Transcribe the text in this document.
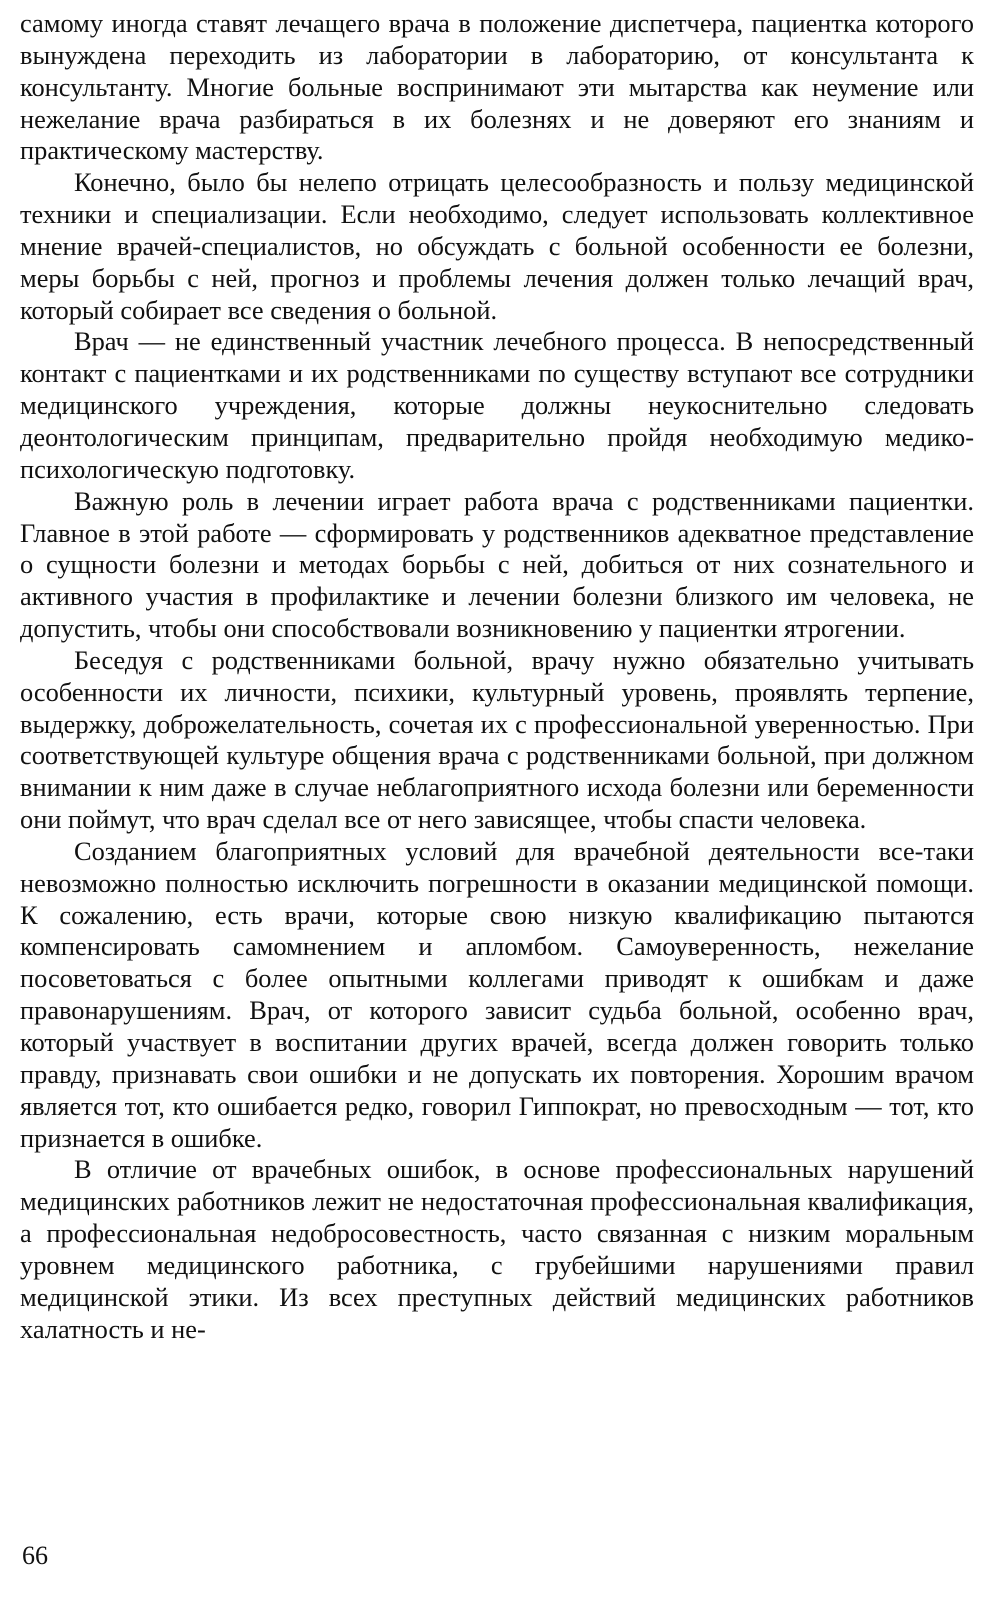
самому иногда ставят лечащего врача в положение диспетчера, пациентка которого вынуждена переходить из лаборатории в лабораторию, от консультанта к консультанту. Многие больные воспринимают эти мытарства как неумение или нежелание врача разбираться в их болезнях и не доверяют его знаниям и практическому мастерству.

Конечно, было бы нелепо отрицать целесообразность и пользу медицинской техники и специализации. Если необходимо, следует использовать коллективное мнение врачей-специалистов, но обсуждать с больной особенности ее болезни, меры борьбы с ней, прогноз и проблемы лечения должен только лечащий врач, который собирает все сведения о больной.

Врач — не единственный участник лечебного процесса. В непосредственный контакт с пациентками и их родственниками по существу вступают все сотрудники медицинского учреждения, которые должны неукоснительно следовать деонтологическим принципам, предварительно пройдя необходимую медико-психологическую подготовку.

Важную роль в лечении играет работа врача с родственниками пациентки. Главное в этой работе — сформировать у родственников адекватное представление о сущности болезни и методах борьбы с ней, добиться от них сознательного и активного участия в профилактике и лечении болезни близкого им человека, не допустить, чтобы они способствовали возникновению у пациентки ятрогении.

Беседуя с родственниками больной, врачу нужно обязательно учитывать особенности их личности, психики, культурный уровень, проявлять терпение, выдержку, доброжелательность, сочетая их с профессиональной уверенностью. При соответствующей культуре общения врача с родственниками больной, при должном внимании к ним даже в случае неблагоприятного исхода болезни или беременности они поймут, что врач сделал все от него зависящее, чтобы спасти человека.

Созданием благоприятных условий для врачебной деятельности все-таки невозможно полностью исключить погрешности в оказании медицинской помощи. К сожалению, есть врачи, которые свою низкую квалификацию пытаются компенсировать самомнением и апломбом. Самоуверенность, нежелание посоветоваться с более опытными коллегами приводят к ошибкам и даже правонарушениям. Врач, от которого зависит судьба больной, особенно врач, который участвует в воспитании других врачей, всегда должен говорить только правду, признавать свои ошибки и не допускать их повторения. Хорошим врачом является тот, кто ошибается редко, говорил Гиппократ, но превосходным — тот, кто признается в ошибке.

В отличие от врачебных ошибок, в основе профессиональных нарушений медицинских работников лежит не недостаточная профессиональная квалификация, а профессиональная недобросовестность, часто связанная с низким моральным уровнем медицинского работника, с грубейшими нарушениями правил медицинской этики. Из всех преступных действий медицинских работников халатность и не-

66
